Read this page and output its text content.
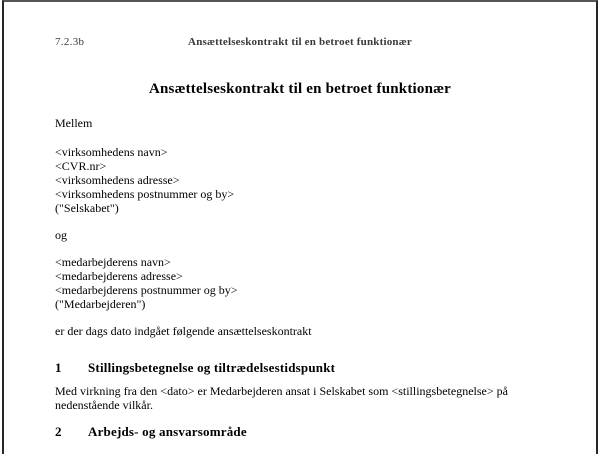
Ansættelseskontrakt til en betroet funktionær
7.2.3b
Ansættelseskontrakt til en betroet funktionær

Mellem

<virksomhedens navn>
<CVR.nr>
<virksomhedens adresse>
<virksomhedens postnummer og by>
("Selskabet")

og

<medarbejderens navn>
<medarbejderens adresse>
<medarbejderens postnummer og by>
("Medarbejderen")

er der dags dato indgået følgende ansættelseskontrakt

1 Stillingsbetegnelse og tiltrædelsestidspunkt

Med virkning fra den <dato> er Medarbejderen ansat i Selskabet som <stillingsbetegnelse> på nedenstående vilkår.

2 Arbejds- og ansvarsområde
